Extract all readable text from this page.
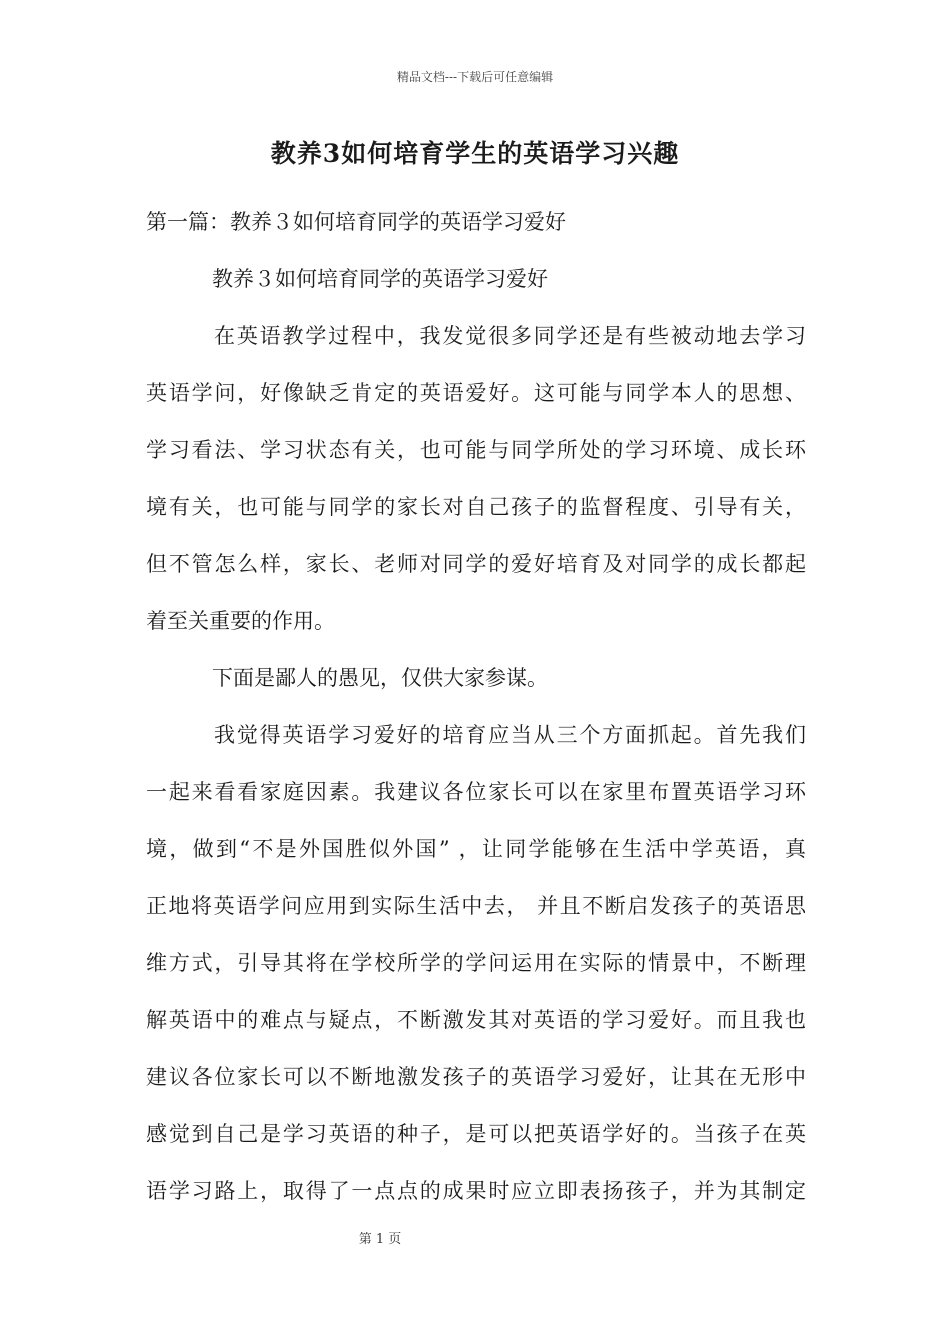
精品文档---下载后可任意编辑
教养3如何培育学生的英语学习兴趣
第一篇：教养３如何培育同学的英语学习爱好
教养３如何培育同学的英语学习爱好
在英语教学过程中，我发觉很多同学还是有些被动地去学习
英语学问，好像缺乏肯定的英语爱好。这可能与同学本人的思想、
学习看法、学习状态有关，也可能与同学所处的学习环境、成长环
境有关，也可能与同学的家长对自己孩子的监督程度、引导有关，
但不管怎么样，家长、老师对同学的爱好培育及对同学的成长都起
着至关重要的作用。
下面是鄙人的愚见，仅供大家参谋。
我觉得英语学习爱好的培育应当从三个方面抓起。首先我们
一起来看看家庭因素。我建议各位家长可以在家里布置英语学习环
境，做到“不是外国胜似外国” ，让同学能够在生活中学英语，真
正地将英语学问应用到实际生活中去， 并且不断启发孩子的英语思
维方式，引导其将在学校所学的学问运用在实际的情景中，不断理
解英语中的难点与疑点，不断激发其对英语的学习爱好。而且我也
建议各位家长可以不断地激发孩子的英语学习爱好，让其在无形中
感觉到自己是学习英语的种子，是可以把英语学好的。当孩子在英
语学习路上，取得了一点点的成果时应立即表扬孩子，并为其制定
第 1 页
